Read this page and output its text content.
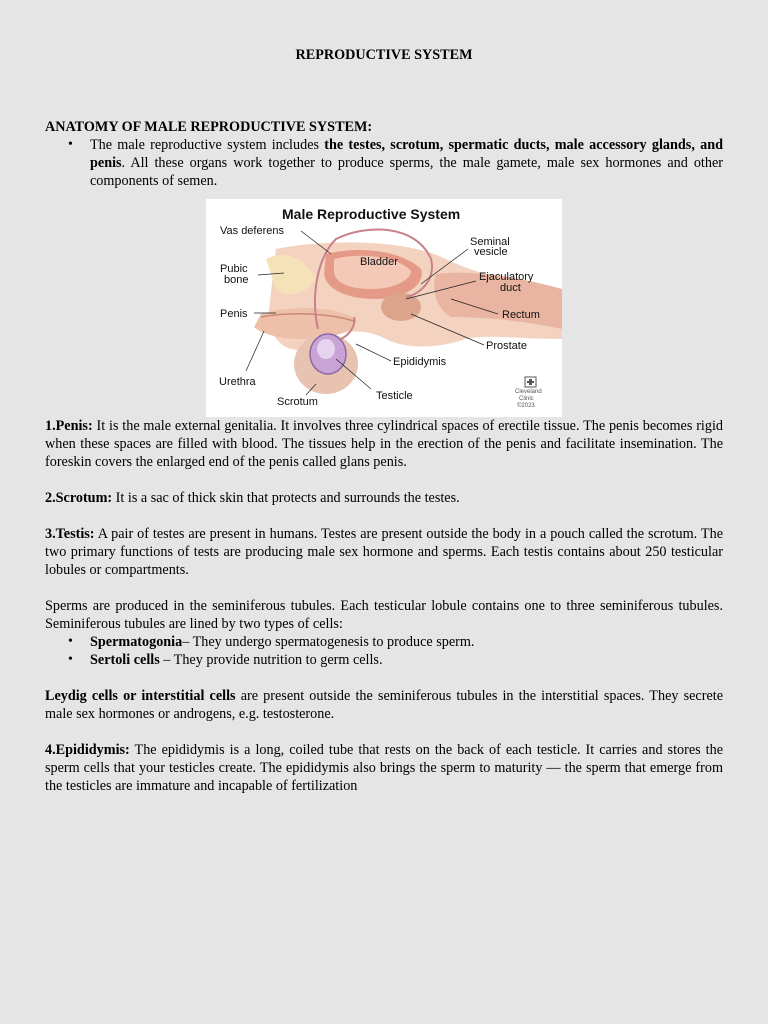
REPRODUCTIVE SYSTEM

ANATOMY OF MALE REPRODUCTIVE SYSTEM:

• The male reproductive system includes the testes, scrotum, spermatic ducts, male accessory glands, and penis. All these organs work together to produce sperms, the male gamete, male sex hormones and other components of semen.
Male Reproductive System
Vas deferens
Pubic
bone
Penis
Urethra
Scrotum	Testicle
Epididymis
Prostate
Rectum
Ejaculatory
duct
Seminal
vesicle
Bladder
Cleveland
Clinic
©2023

1.Penis: It is the male external genitalia. It involves three cylindrical spaces of erectile tissue. The penis becomes rigid when these spaces are filled with blood. The tissues help in the erection of the penis and facilitate insemination. The foreskin covers the enlarged end of the penis called glans penis.

2.Scrotum: It is a sac of thick skin that protects and surrounds the testes.

3.Testis: A pair of testes are present in humans. Testes are present outside the body in a pouch called the scrotum. The two primary functions of tests are producing male sex hormone and sperms. Each testis contains about 250 testicular lobules or compartments.

Sperms are produced in the seminiferous tubules. Each testicular lobule contains one to three seminiferous tubules. Seminiferous tubules are lined by two types of cells:

• Spermatogonia– They undergo spermatogenesis to produce sperm.
• Sertoli cells – They provide nutrition to germ cells.

Leydig cells or interstitial cells are present outside the seminiferous tubules in the interstitial spaces. They secrete male sex hormones or androgens, e.g. testosterone.

4.Epididymis: The epididymis is a long, coiled tube that rests on the back of each testicle. It carries and stores the sperm cells that your testicles create. The epididymis also brings the sperm to maturity — the sperm that emerge from the testicles are immature and incapable of fertilization
